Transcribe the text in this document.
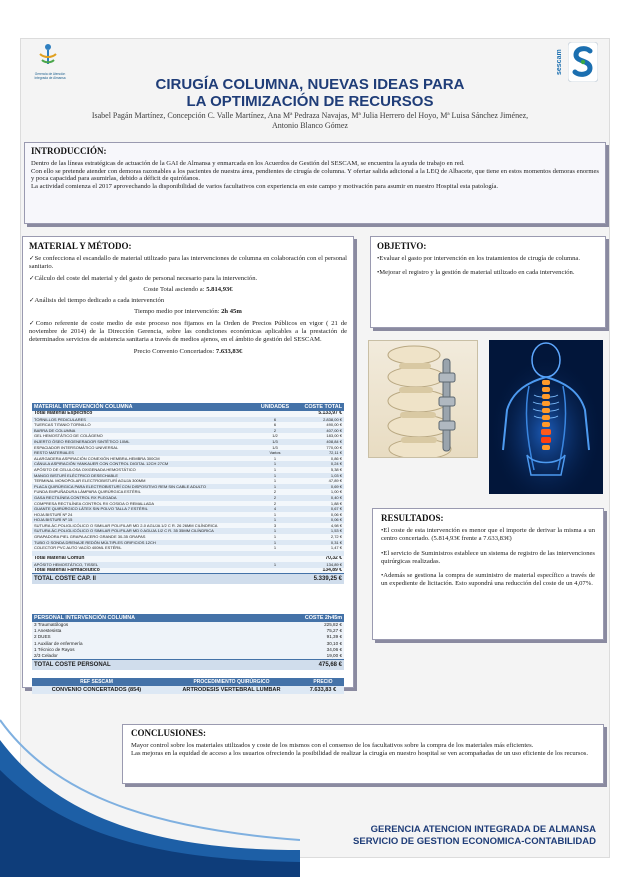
Gerencia de Atención Integrada de Almansa
sescam
CIRUGÍA COLUMNA, NUEVAS IDEAS PARA
LA OPTIMIZACIÓN DE RECURSOS
Isabel Pagán Martínez, Concepción C. Valle Martínez, Ana Mª Pedraza Navajas, Mª Julia Herrero del Hoyo, Mª Luisa Sánchez Jiménez,
Antonio Blanco Gómez
INTRODUCCIÓN:

Dentro de las líneas estratégicas de actuación de la GAI de Almansa y enmarcada en los Acuerdos de Gestión del SESCAM, se encuentra la ayuda de trabajo en red.

Con ello se pretende atender con demoras razonables a los pacientes de nuestra área, pendientes de cirugía de columna. Y ofertar salida adicional a la LEQ de Albacete, que tiene en estos momentos demoras enormes y poca capacidad para asumirlas, debido a déficit de quirófanos.

La actividad comienza el 2017 aprovechando la disponibilidad de varios facultativos con experiencia en este campo y motivación para asumir en nuestro Hospital esta patología.

MATERIAL Y MÉTODO:

✓Se confecciona el escandallo de material utilizado para las intervenciones de columna en colaboración con el personal sanitario.

✓Cálculo del coste del material y del gasto de personal necesario para la intervención.

Coste Total asciendo a: 5.814,93€

✓Análisis del tiempo dedicado a cada intervención

Tiempo medio por intervención: 2h 45m

✓Como referente de coste medio de este proceso nos fijamos en la Orden de Precios Públicos en vigor ( 21 de noviembre de 2014) de la Dirección Gerencia, sobre las condiciones económicas aplicables a la prestación de determinados servicios de asistencia sanitaria a través de medios ajenos, en el ámbito de gestión del SESCAM.

Precio Convenio Concertados: 7.633,83€

MATERIAL INTERVENCIÓN COLUMNA	UNIDADES	COSTE TOTAL
Total Material Específico		5.133,97 €
TORNILLOS PEDICULARES	6	2.838,00 €
TUERCAS TITANIO TORNILLO	6	490,00 €
BARRA DE COLUMNA	2	407,00 €
GEL HEMOSTÁTICO DE COLÁGENO	1/2	183,00 €
INJERTO ÓSEO REGENERADOR SINTÉTICO 10ML	1/3	408,84 €
ESPACIADOR INTERSOMÁTICO UNIVERSAL	1/3	770,00 €
RESTO MATERIALES	Varios	72,11 €
ALARGADERA ASPIRACIÓN CONEXIÓN HEMBRA-HEMBRA 300CM	1	0,86 €
CÁNULA ASPIRACIÓN YANKAUER CON CONTROL DIGITAL 12CH 27CM	1	0,24 €
APÓSITO DE CELULOSA OXIGENADA HEMOSTÁTICO	1	5,38 €
MANGO BISTURÍ ELÉCTRICO DESECHABLE	1	1,03 €
TERMINAL MONOPOLAR ELECTROBISTURÍ AGUJA 300MM	1	47,89 €
PLACA QUIRÚRGICA PARA ELECTROBISTURÍ CON DISPOSITIVO REM SIN CABLE ADULTO	1	0,69 €
FUNDA EMPUÑADURA LÁMPARA QUIRÚRGICA ESTÉRIL	2	1,00 €
GASA RECTILÍNEA CONTROL RX PLEGADA	2	0,40 €
COMPRESA RECTILÍNEA CONTROL RX COSIDA O REMALLADA	2	1,88 €
GUANTE QUIRÚRGICO LÁTEX SIN POLVO TALLA 7 ESTÉRIL	4	0,67 €
HOJA BISTURÍ Nº 24	1	0,06 €
HOJA BISTURÍ Nº 15	1	0,06 €
SUTURA ÁC.POLIGLICÓLICO O SIMILAR POLIFILAR MD 2-0 AGUJA 1/2 C R. 26 26MM CILÍNDRICA	3	4,98 €
SUTURA ÁC.POLIGLICÓLICO O SIMILAR POLIFILAR MD 0 AGUJA 1/2 C R. 35 35MM CILÍNDRICA	1	1,53 €
GRAPADORA PIEL GRAPA ACERO GRANDE 30-35 GRAPAS	1	2,72 €
TUBO O SONDA DRENAJE REDÓN MÚLTIPLES ORIFICIOS 12CH	1	0,31 €
COLECTOR PVC AUTO VACÍO 400ML ESTÉRIL	1	1,47 €

Total Material Común		70,32 €
APÓSITO HEMOSTÁTICO, TISSEL	1	134,89 €
Total Material Farmacéutico		134,89 €
TOTAL COSTE CAP. II		5.339,25 €
PERSONAL INTERVENCIÓN COLUMNA	COSTE 2h45m
3 Traumatólogos	225,82 €
1 Anestesista	75,27 €
2 DUES	91,39 €
1 Auxiliar de enfermería	30,10 €
1 Técnico de Rayos	34,06 €
2/3 Celador	19,00 €
TOTAL COSTE PERSONAL	475,68 €
REF SESCAM	PROCEDIMIENTO QUIRÚRGICO	PRECIO
CONVENIO CONCERTADOS (854)	ARTRODESIS VERTEBRAL LUMBAR	7.633,83 €
OBJETIVO:

•Evaluar el gasto por intervención en los tratamientos de cirugía de columna.

•Mejorar el registro y la gestión de material utilizado en cada intervención.

RESULTADOS:

•El coste de esta intervención es menor que el importe de derivar la misma a un centro concertado. (5.814,93€ frente a 7.633,83€)

•El servicio de Suministros establece un sistema de registro de las intervenciones quirúrgicas realizadas.

•Además se gestiona la compra de suministro de material específico a través de un expediente de licitación. Esto supondrá una reducción del coste de un 4,07%.

CONCLUSIONES:

Mayor control sobre los materiales utilizados y coste de los mismos con el consenso de los facultativos sobre la compra de los materiales más eficientes.

Las mejoras en la equidad de acceso a los usuarios ofreciendo la posibilidad de realizar la cirugía en nuestro hospital se ven acompañadas de un uso eficiente de los recursos.

GERENCIA ATENCION INTEGRADA DE ALMANSA
SERVICIO DE GESTION ECONOMICA-CONTABILIDAD
